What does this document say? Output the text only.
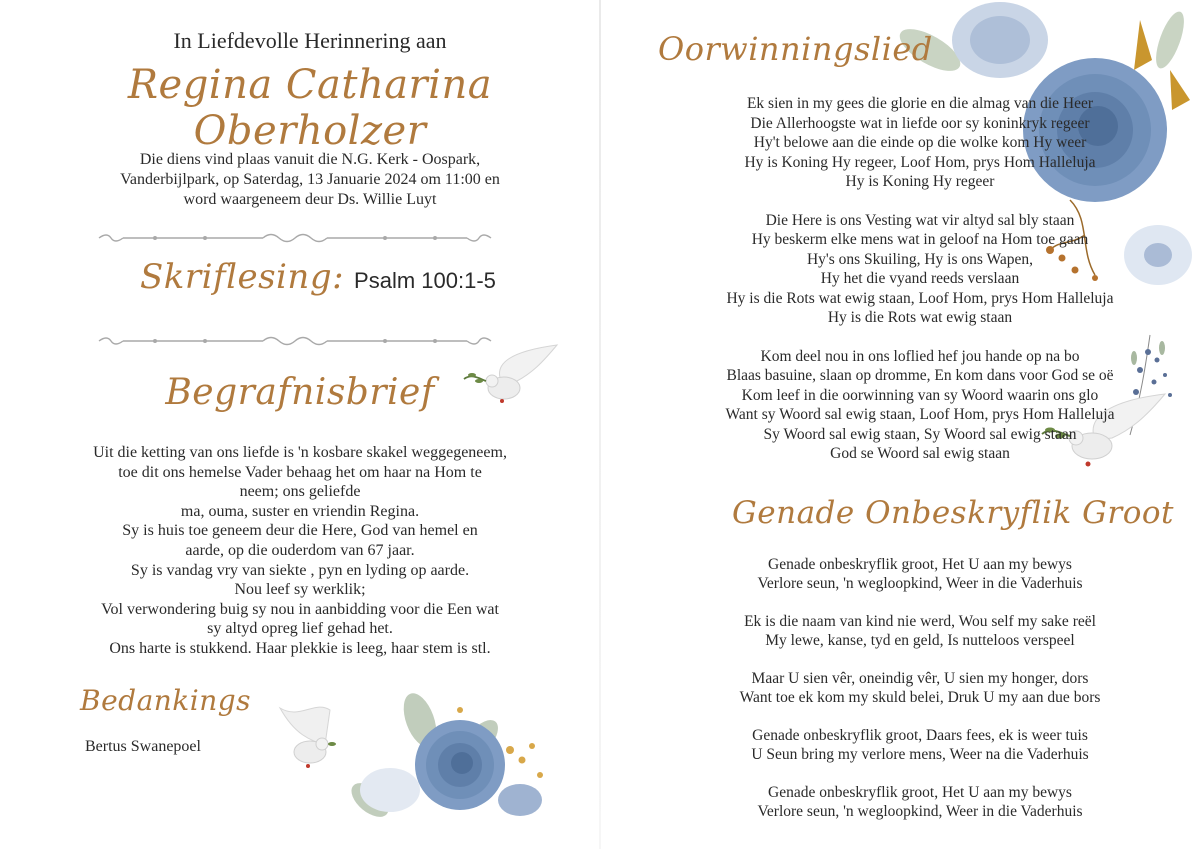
In Liefdevolle Herinnering aan
Regina Catharina Oberholzer
Die diens vind plaas vanuit die N.G. Kerk - Oospark,
Vanderbijlpark, op Saterdag, 13 Januarie 2024 om 11:00 en
word waargeneem deur Ds. Willie Luyt
Skriflesing: Psalm 100:1-5
Begrafnisbrief
Uit die ketting van ons liefde is 'n kosbare skakel weggegeneem,
toe dit ons hemelse Vader behaag het om haar na Hom te
neem; ons geliefde
ma, ouma, suster en vriendin Regina.
Sy is huis toe geneem deur die Here, God van hemel en
aarde, op die ouderdom van 67 jaar.
Sy is vandag vry van siekte , pyn en lyding op aarde.
Nou leef sy werklik;
Vol verwondering buig sy nou in aanbidding voor die Een wat
sy altyd opreg lief gehad het.
Ons harte is stukkend. Haar plekkie is leeg, haar stem is stl.
Bedankings
Bertus Swanepoel
Oorwinningslied
Ek sien in my gees die glorie en die almag van die Heer
Die Allerhoogste wat in liefde oor sy koninkryk regeer
Hy't belowe aan die einde op die wolke kom Hy weer
Hy is Koning Hy regeer, Loof Hom, prys Hom Halleluja
Hy is Koning Hy regeer
Die Here is ons Vesting wat vir altyd sal bly staan
Hy beskerm elke mens wat in geloof na Hom toe gaan
Hy's ons Skuiling, Hy is ons Wapen,
Hy het die vyand reeds verslaan
Hy is die Rots wat ewig staan, Loof Hom, prys Hom Halleluja
Hy is die Rots wat ewig staan
Kom deel nou in ons loflied hef jou hande op na bo
Blaas basuine, slaan op dromme, En kom dans voor God se oë
Kom leef in die oorwinning van sy Woord waarin ons glo
Want sy Woord sal ewig staan, Loof Hom, prys Hom Halleluja
Sy Woord sal ewig staan, Sy Woord sal ewig staan
God se Woord sal ewig staan
Genade Onbeskryflik Groot
Genade onbeskryflik groot, Het U aan my bewys
Verlore seun, 'n wegloopkind, Weer in die Vaderhuis
Ek is die naam van kind nie werd, Wou self my sake reël
My lewe, kanse, tyd en geld, Is nutteloos verspeel
Maar U sien vêr, oneindig vêr, U sien my honger, dors
Want toe ek kom my skuld belei, Druk U my aan due bors
Genade onbeskryflik groot, Daars fees, ek is weer tuis
U Seun bring my verlore mens, Weer na die Vaderhuis
Genade onbeskryflik groot, Het U aan my bewys
Verlore seun, 'n wegloopkind, Weer in die Vaderhuis
